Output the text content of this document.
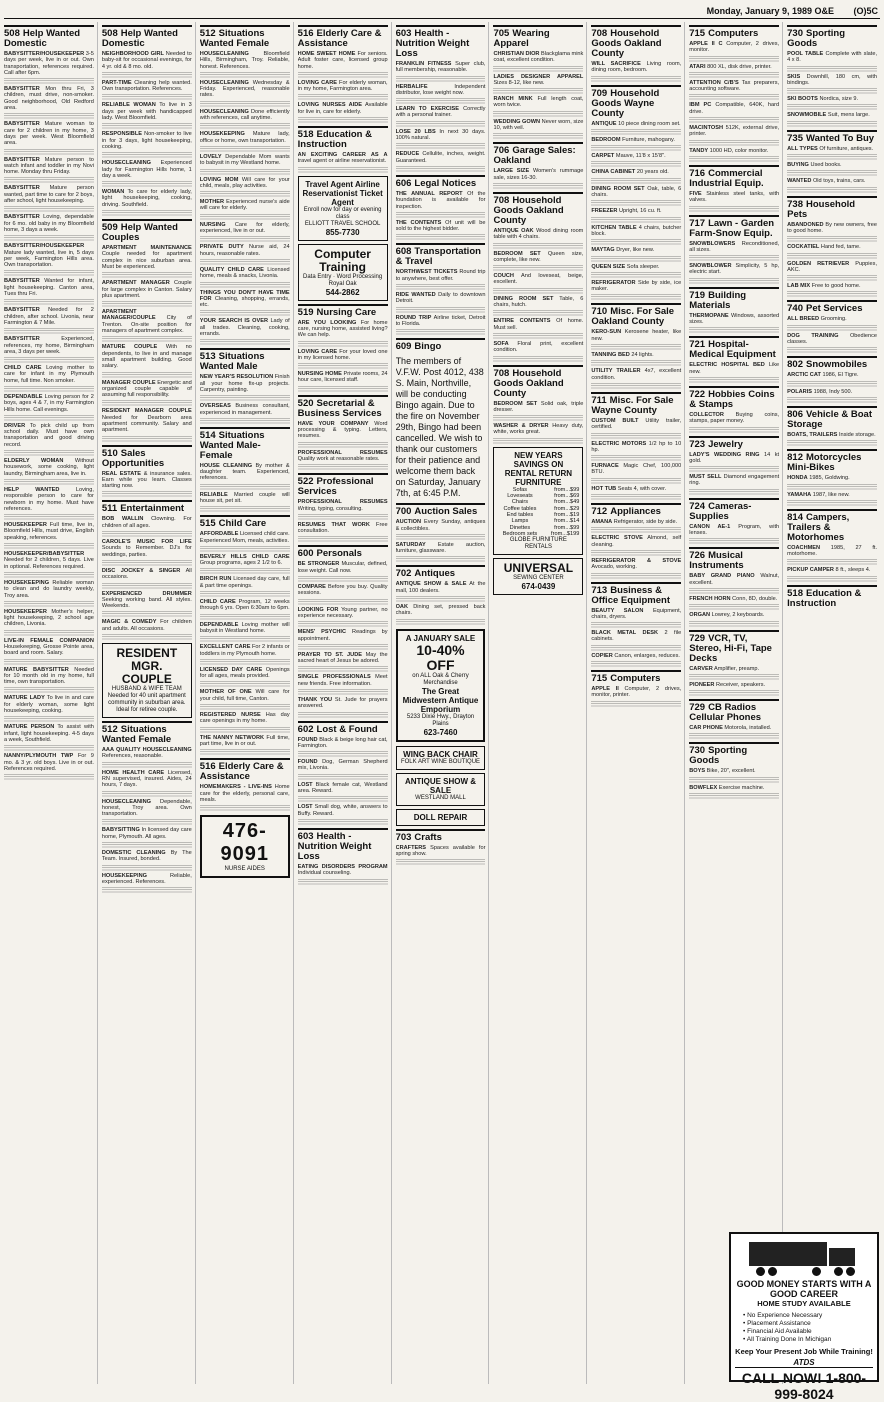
Monday, January 9, 1989 O&E (O)5C
508 Help Wanted Domestic
BABYSITTER/HOUSEKEEPER 3-5 days per week, live in or out. Own transportation, references required. Call after 6pm.
BABYSITTER Mon thru Fri, 3 children, must drive, non-smoker. Good neighborhood, Old Redford area.
BABYSITTER Mature woman to care for 2 children in my home, 3 days per week. West Bloomfield area.
BABYSITTER Mature person to watch infant and toddler in my Novi home. Monday thru Friday.
BABYSITTER Mature person wanted, part time to care for 2 boys, after school, light housekeeping.
BABYSITTER Loving, dependable for 6 mo. old baby in my Bloomfield home, 3 days a week.
BABYSITTER/HOUSEKEEPER Mature lady wanted, live in, 5 days per week, Farmington Hills area. Own transportation.
BABYSITTER Wanted for infant, light housekeeping. Canton area, Tues thru Fri.
BABYSITTER Needed for 2 children, after school. Livonia, near Farmington & 7 Mile.
BABYSITTER	Experienced, references, my home, Birmingham area, 3 days per week.
CHILD CARE Loving mother to care for infant in my Plymouth home, full time. Non smoker.
DEPENDABLE Loving person for 2 boys, ages 4 & 7, in my Farmington Hills home. Call evenings.
DRIVER To pick child up from school daily. Must have own transportation and good driving record.
ELDERLY WOMAN Without housework, some cooking, light laundry, Birmingham area, live in.
HELP WANTED	Loving, responsible person to care for newborn in my home. Must have references.
HOUSEKEEPER Full time, live in, Bloomfield Hills, must drive, English speaking, references.
HOUSEKEEPER/BABYSITTER Needed for 2 children, 5 days. Live in optional. References required.
HOUSEKEEPING Reliable woman to clean and do laundry weekly, Troy area.
HOUSEKEEPER Mother's helper, light housekeeping, 2 school age children, Livonia.
LIVE-IN FEMALE COMPANION Housekeeping, Grosse Pointe area, board and room. Salary.
MATURE BABYSITTER Needed for 10 month old in my home, full time, own transportation.
MATURE LADY To live in and care for elderly woman, some light housekeeping, cooking.
MATURE PERSON To assist with infant, light housekeeping. 4-5 days a week, Southfield.
NANNY/PLYMOUTH TWP For 9 mo. & 3 yr. old boys. Live in or out. References required.
508 Help Wanted Domestic
NEIGHBORHOOD GIRL Needed to baby-sit for occasional evenings, for 4 yr. old & 8 mo. old.
PART-TIME Cleaning help wanted. Own transportation. References.
RELIABLE WOMAN To live in 3 days per week with handicapped lady. West Bloomfield.
RESPONSIBLE Non-smoker to live in for 3 days, light housekeeping, cooking.
HOUSECLEANING Experienced lady for Farmington Hills home, 1 day a week.
WOMAN To care for elderly lady, light housekeeping, cooking, driving. Southfield.
509 Help Wanted Couples
APARTMENT MAINTENANCE Couple needed for apartment complex in nice suburban area. Must be experienced.
APARTMENT MANAGER Couple for large complex in Canton. Salary plus apartment.
APARTMENT MANAGER/COUPLE City of Trenton. On-site position for managers of apartment complex.
MATURE COUPLE With no dependents, to live in and manage small apartment building. Good salary.
MANAGER COUPLE Energetic and organized couple capable of assuming full responsibility.
RESIDENT MANAGER COUPLE Needed for Dearborn area apartment community. Salary and apartment.
510 Sales Opportunities
REAL ESTATE & insurance sales. Earn while you learn. Classes starting now.
511 Entertainment
BOB WALLIN Clowning. For children of all ages.
CAROLE'S MUSIC FOR LIFE Sounds to Remember. DJ's for weddings, parties.
DISC JOCKEY & SINGER All occasions.
EXPERIENCED DRUMMER Seeking working band. All styles. Weekends.
MAGIC & COMEDY For children and adults. All occasions.
RESIDENT MGR. COUPLE
HUSBAND & WIFE TEAM
Needed for 40 unit apartment community in suburban area. Ideal for retiree couple.
512 Situations Wanted Female
AAA QUALITY HOUSECLEANING References, reasonable.
HOME HEALTH CARE Licensed, RN supervised, insured. Aides, 24 hours, 7 days.
HOUSECLEANING Dependable, honest, Troy area. Own transportation.
BABYSITTING In licensed day care home, Plymouth. All ages.
DOMESTIC CLEANING By The Team. Insured, bonded.
HOUSEKEEPING	Reliable, experienced. References.
512 Situations Wanted Female
HOUSECLEANING	Bloomfield Hills, Birmingham, Troy. Reliable, honest. References.
HOUSECLEANING Wednesday & Friday. Experienced, reasonable rates.
HOUSECLEANING Done efficiently with references, call anytime.
HOUSEKEEPING Mature lady, office or home, own transportation.
LOVELY Dependable Mom wants to babysit in my Westland home.
LOVING MOM Will care for your child, meals, play activities.
MOTHER Experienced nurse's aide will care for elderly.
NURSING Care for elderly, experienced, live in or out.
PRIVATE DUTY Nurse aid, 24 hours, reasonable rates.
QUALITY CHILD CARE Licensed home, meals & snacks, Livonia.
THINGS YOU DON'T HAVE TIME FOR Cleaning, shopping, errands, etc.
YOUR SEARCH IS OVER Lady of all trades. Cleaning, cooking, errands.
513 Situations Wanted Male
NEW YEAR'S RESOLUTION Finish all your home fix-up projects. Carpentry, painting.
OVERSEAS Business consultant, experienced in management.
514 Situations Wanted Male-Female
HOUSE CLEANING By mother & daughter team. Experienced, references.
RELIABLE Married couple will house sit, pet sit.
515 Child Care
AFFORDABLE Licensed child care. Experienced Mom, meals, activities.
BEVERLY HILLS CHILD CARE Group programs, ages 2 1/2 to 6.
BIRCH RUN Licensed day care, full & part time openings.
CHILD CARE Program, 12 weeks through 6 yrs. Open 6:30am to 6pm.
DEPENDABLE Loving mother will babysit in Westland home.
EXCELLENT CARE For 2 infants or toddlers in my Plymouth home.
LICENSED DAY CARE Openings for all ages, meals provided.
MOTHER OF ONE Will care for your child, full time, Canton.
REGISTERED NURSE Has day care openings in my home.
THE NANNY NETWORK Full time, part time, live in or out.
516 Elderly Care & Assistance
HOMEMAKERS - LIVE-INS Home care for the elderly, personal care, meals.
476-9091
NURSE AIDES
516 Elderly Care & Assistance
HOME SWEET HOME For seniors. Adult foster care, licensed group home.
LOVING CARE For elderly woman, in my home, Farmington area.
LOVING NURSES AIDE Available for live in, care for elderly.
518 Education & Instruction
AN EXCITING CAREER AS A travel agent or airline reservationist.
Travel Agent Airline Reservationist Ticket Agent
Enroll now for day or evening class
ELLIOTT TRAVEL SCHOOL
855-7730
Computer Training
Data Entry · Word Processing
Royal Oak
544-2862
519 Nursing Care
ARE YOU LOOKING For home care, nursing home, assisted living? We can help.
LOVING CARE For your loved one in my licensed home.
NURSING HOME Private rooms, 24 hour care, licensed staff.
520 Secretarial & Business Services
HAVE YOUR COMPANY Word processing & typing. Letters, resumes.
PROFESSIONAL RESUMES Quality work at reasonable rates.
522 Professional Services
PROFESSIONAL RESUMES Writing, typing, consulting.
RESUMES THAT WORK Free consultation.
600 Personals
BE STRONGER Muscular, defined, lose weight. Call now.
COMPARE Before you buy. Quality sessions.
LOOKING FOR Young partner, no experience necessary.
MENS' PSYCHIC Readings by appointment.
PRAYER TO ST. JUDE May the sacred heart of Jesus be adored.
SINGLE PROFESSIONALS Meet new friends. Free information.
THANK YOU St. Jude for prayers answered.
602 Lost & Found
FOUND Black & beige long hair cat, Farmington.
FOUND Dog, German Shepherd mix, Livonia.
LOST Black female cat, Westland area. Reward.
LOST Small dog, white, answers to Buffy. Reward.
603 Health - Nutrition Weight Loss
EATING DISORDERS PROGRAM Individual counseling.
603 Health - Nutrition Weight Loss
FRANKLIN FITNESS Super club, full membership, reasonable.
HERBALIFE	Independent distributor, lose weight now.
LEARN TO EXERCISE Correctly with a personal trainer.
LOSE 20 LBS In next 30 days. 100% natural.
REDUCE Cellulite, inches, weight. Guaranteed.
606 Legal Notices
THE ANNUAL REPORT Of the foundation is available for inspection.
THE CONTENTS Of unit will be sold to the highest bidder.
608 Transportation & Travel
NORTHWEST TICKETS Round trip to anywhere, best offer.
RIDE WANTED Daily to downtown Detroit.
ROUND TRIP Airline ticket, Detroit to Florida.
609 Bingo
The members of V.F.W. Post 4012, 438 S. Main, Northville, will be conducting Bingo again. Due to the fire on November 29th, Bingo had been cancelled. We wish to thank our customers for their patience and welcome them back on Saturday, January 7th, at 6:45 P.M.
700 Auction Sales
AUCTION Every Sunday, antiques & collectibles.
SATURDAY Estate auction, furniture, glassware.
702 Antiques
ANTIQUE SHOW & SALE At the mall, 100 dealers.
OAK Dining set, pressed back chairs.
A JANUARY SALE
10-40% OFF
on ALL Oak & Cherry Merchandise
The Great Midwestern Antique Emporium
5233 Dixie Hwy., Drayton Plains
623-7460
WING BACK CHAIR
FOLK ART WINE BOUTIQUE
ANTIQUE SHOW & SALE
WESTLAND MALL
DOLL REPAIR
703 Crafts
CRAFTERS Spaces available for spring show.
705 Wearing Apparel
CHRISTIAN DIOR Blackglama mink coat, excellent condition.
LADIES DESIGNER APPAREL Sizes 8-12, like new.
RANCH MINK Full length coat, worn twice.
WEDDING GOWN Never worn, size 10, with veil.
706 Garage Sales: Oakland
LARGE SIZE Women's rummage sale, sizes 16-30.
708 Household Goods Oakland County
ANTIQUE OAK Wood dining room table with 4 chairs.
BEDROOM SET Queen size, complete, like new.
COUCH And loveseat, beige, excellent.
DINING ROOM SET Table, 6 chairs, hutch.
ENTIRE CONTENTS Of home. Must sell.
SOFA Floral print, excellent condition.
708 Household Goods Oakland County
BEDROOM SET Solid oak, triple dresser.
WASHER & DRYER Heavy duty, white, works great.
NEW YEARS SAVINGS ON RENTAL RETURN FURNITURE
Sofas	from...$99
Loveseats	from...$69
Chairs	from...$49
Coffee tables	from...$29
End tables	from...$19
Lamps	from...$14
Dinettes	from...$99
Bedroom sets	from...$199
GLOBE FURNITURE RENTALS
UNIVERSAL
SEWING CENTER
674-0439
708 Household Goods Oakland County
WILL SACRIFICE Living room, dining room, bedroom.
709 Household Goods Wayne County
ANTIQUE 10 piece dining room set.
BEDROOM Furniture, mahogany.
CARPET Mauve, 11'8 x 15'8".
CHINA CABINET 20 years old.
DINING ROOM SET Oak, table, 6 chairs.
FREEZER Upright, 16 cu. ft.
KITCHEN TABLE 4 chairs, butcher block.
MAYTAG Dryer, like new.
QUEEN SIZE Sofa sleeper.
REFRIGERATOR Side by side, ice maker.
710 Misc. For Sale Oakland County
KERO-SUN Kerosene heater, like new.
TANNING BED 24 lights.
UTILITY TRAILER 4x7, excellent condition.
711 Misc. For Sale Wayne County
CUSTOM BUILT Utility trailer, certified.
ELECTRIC MOTORS 1/2 hp to 10 hp.
FURNACE Magic Chef, 100,000 BTU.
HOT TUB Seats 4, with cover.
712 Appliances
AMANA Refrigerator, side by side.
ELECTRIC STOVE Almond, self cleaning.
REFRIGERATOR & STOVE Avocado, working.
713 Business & Office Equipment
BEAUTY SALON Equipment, chairs, dryers.
BLACK METAL DESK 2 file cabinets.
COPIER Canon, enlarges, reduces.
715 Computers
APPLE II Computer, 2 drives, monitor, printer.
715 Computers
APPLE II C Computer, 2 drives, monitor.
ATARI 800 XL, disk drive, printer.
ATTENTION C/B'S Tax preparers, accounting software.
IBM PC Compatible, 640K, hard drive.
MACINTOSH 512K, external drive, printer.
TANDY 1000 HD, color monitor.
716 Commercial Industrial Equip.
FIVE Stainless steel tanks, with valves.
717 Lawn - Garden Farm-Snow Equip.
SNOWBLOWERS Reconditioned, all sizes.
SNOWBLOWER Simplicity, 5 hp, electric start.
719 Building Materials
THERMOPANE Windows, assorted sizes.
721 Hospital-Medical Equipment
ELECTRIC HOSPITAL BED Like new.
722 Hobbies Coins & Stamps
COLLECTOR Buying coins, stamps, paper money.
723 Jewelry
LADY'S WEDDING RING 14 kt gold.
MUST SELL Diamond engagement ring.
724 Cameras-Supplies
CANON AE-1 Program, with lenses.
726 Musical Instruments
BABY GRAND PIANO Walnut, excellent.
FRENCH HORN Conn, 8D, double.
ORGAN Lowrey, 2 keyboards.
729 VCR, TV, Stereo, Hi-Fi, Tape Decks
CARVER Amplifier, preamp.
PIONEER Receiver, speakers.
729 CB Radios Cellular Phones
CAR PHONE Motorola, installed.
730 Sporting Goods
BOYS Bike, 20", excellent.
BOWFLEX Exercise machine.
730 Sporting Goods
POOL TABLE Complete with slate, 4 x 8.
SKIS Downhill, 180 cm, with bindings.
SKI BOOTS Nordica, size 9.
SNOWMOBILE Suit, mens large.
735 Wanted To Buy
ALL TYPES Of furniture, antiques.
BUYING Used books.
WANTED Old toys, trains, cars.
738 Household Pets
ABANDONED By new owners, free to good home.
COCKATIEL Hand fed, tame.
GOLDEN RETRIEVER Puppies, AKC.
LAB MIX Free to good home.
740 Pet Services
ALL BREED Grooming.
DOG TRAINING Obedience classes.
802 Snowmobiles
ARCTIC CAT 1986, El Tigre.
POLARIS 1988, Indy 500.
806 Vehicle & Boat Storage
BOATS, TRAILERS Inside storage.
812 Motorcycles Mini-Bikes
HONDA 1985, Goldwing.
YAMAHA 1987, like new.
814 Campers, Trailers & Motorhomes
COACHMEN 1985, 27 ft. motorhome.
PICKUP CAMPER 8 ft., sleeps 4.
518 Education & Instruction
GOOD MONEY STARTS WITH A GOOD CAREER
HOME STUDY AVAILABLE
• No Experience Necessary
• Placement Assistance
• Financial Aid Available
• All Training Done In Michigan
Keep Your Present Job While Training!
ATDS
CALL NOW! 1-800-999-8024
